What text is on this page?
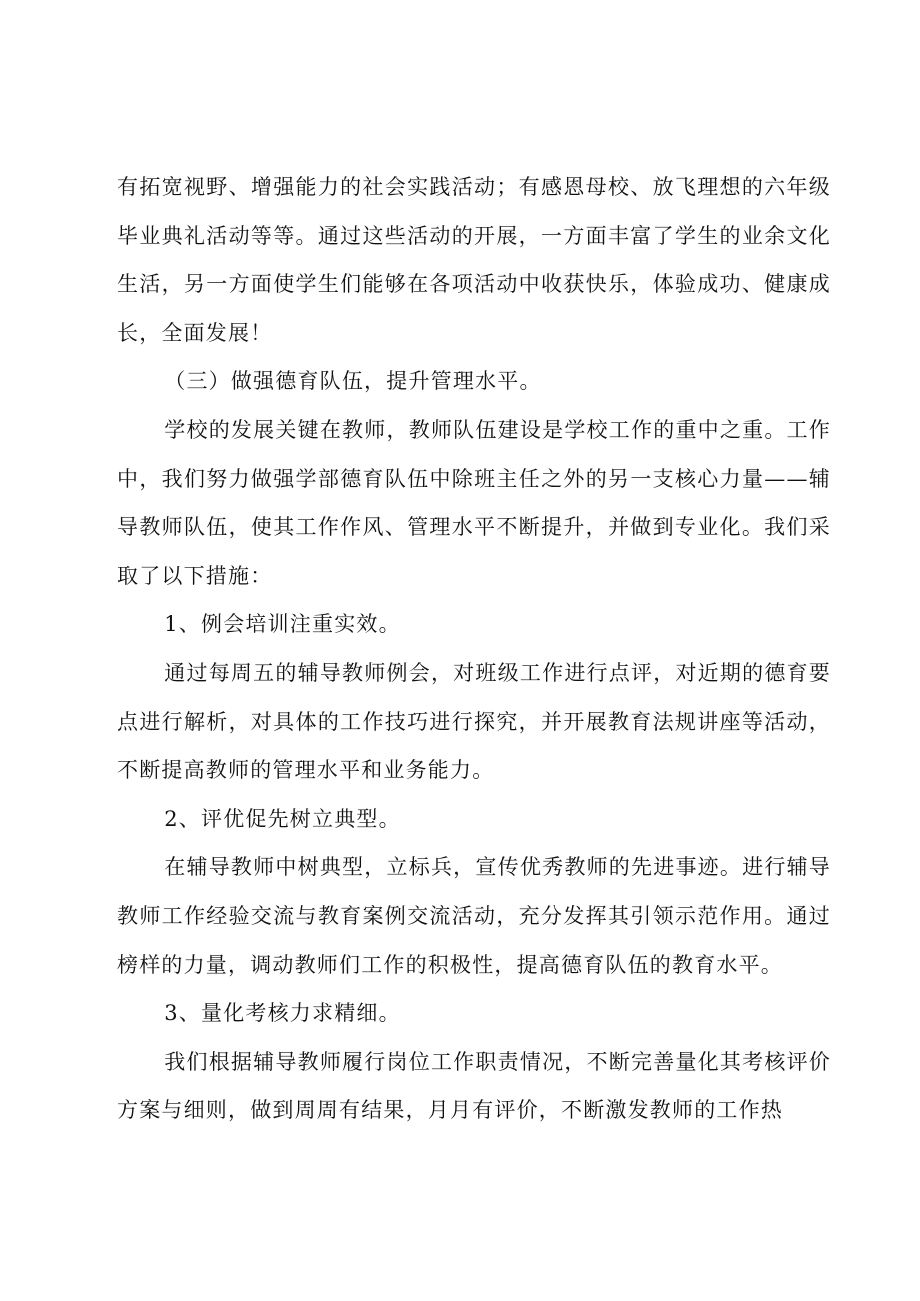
有拓宽视野、增强能力的社会实践活动；有感恩母校、放飞理想的六年级毕业典礼活动等等。通过这些活动的开展，一方面丰富了学生的业余文化生活，另一方面使学生们能够在各项活动中收获快乐，体验成功、健康成长，全面发展！

（三）做强德育队伍，提升管理水平。

学校的发展关键在教师，教师队伍建设是学校工作的重中之重。工作中，我们努力做强学部德育队伍中除班主任之外的另一支核心力量——辅导教师队伍，使其工作作风、管理水平不断提升，并做到专业化。我们采取了以下措施：

1、例会培训注重实效。

通过每周五的辅导教师例会，对班级工作进行点评，对近期的德育要点进行解析，对具体的工作技巧进行探究，并开展教育法规讲座等活动，不断提高教师的管理水平和业务能力。

2、评优促先树立典型。

在辅导教师中树典型，立标兵，宣传优秀教师的先进事迹。进行辅导教师工作经验交流与教育案例交流活动，充分发挥其引领示范作用。通过榜样的力量，调动教师们工作的积极性，提高德育队伍的教育水平。

3、量化考核力求精细。

我们根据辅导教师履行岗位工作职责情况，不断完善量化其考核评价方案与细则，做到周周有结果，月月有评价，不断激发教师的工作热
